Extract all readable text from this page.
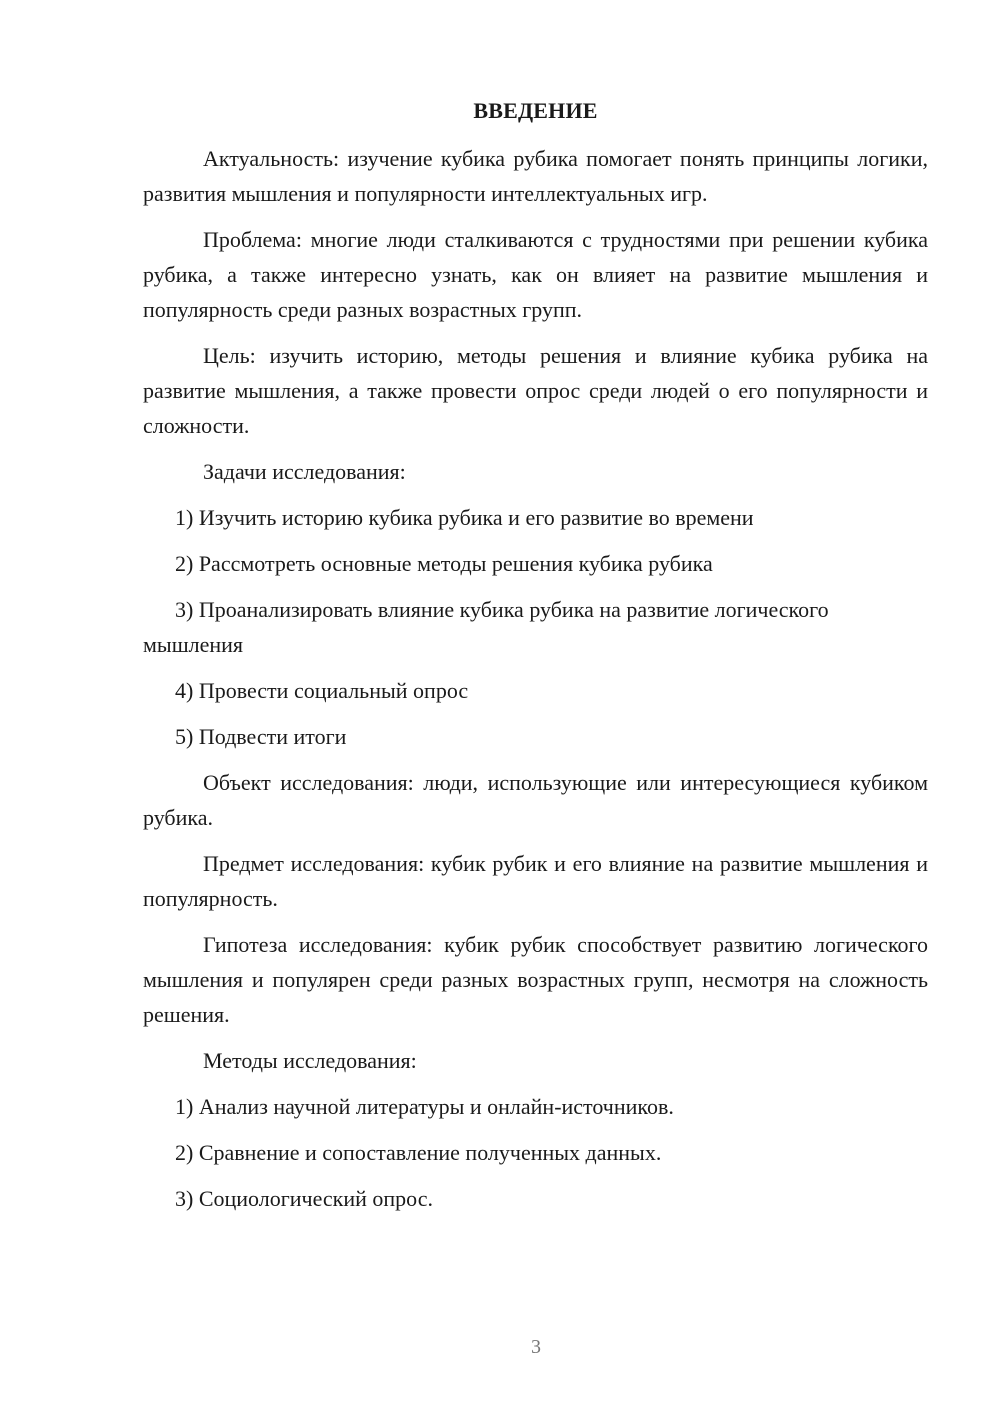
ВВЕДЕНИЕ

Актуальность: изучение кубика рубика помогает понять принципы логики, развития мышления и популярности интеллектуальных игр.

Проблема: многие люди сталкиваются с трудностями при решении кубика рубика, а также интересно узнать, как он влияет на развитие мышления и популярность среди разных возрастных групп.

Цель: изучить историю, методы решения и влияние кубика рубика на развитие мышления, а также провести опрос среди людей о его популярности и сложности.

Задачи исследования:

1) Изучить историю кубика рубика и его развитие во времени

2) Рассмотреть основные методы решения кубика рубика

3) Проанализировать влияние кубика рубика на развитие логического мышления

4) Провести социальный опрос

5) Подвести итоги

Объект исследования: люди, использующие или интересующиеся кубиком рубика.

Предмет исследования: кубик рубик и его влияние на развитие мышления и популярность.

Гипотеза исследования: кубик рубик способствует развитию логического мышления и популярен среди разных возрастных групп, несмотря на сложность решения.

Методы исследования:

1) Анализ научной литературы и онлайн-источников.

2) Сравнение и сопоставление полученных данных.

3) Социологический опрос.

3
